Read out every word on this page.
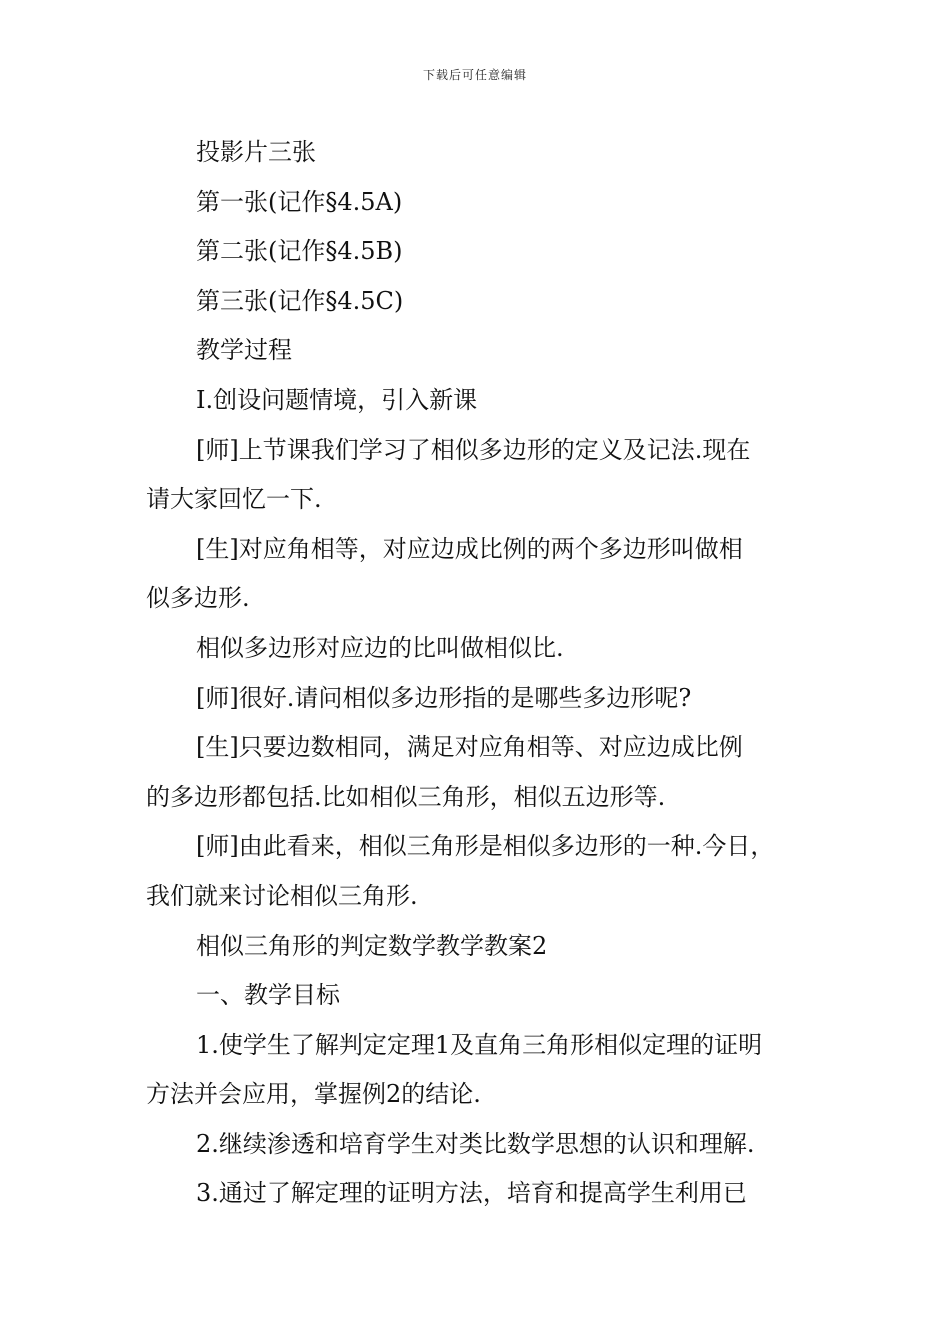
下载后可任意编辑
投影片三张
第一张(记作§4.5A)
第二张(记作§4.5B)
第三张(记作§4.5C)
教学过程
Ⅰ.创设问题情境，引入新课
[师]上节课我们学习了相似多边形的定义及记法.现在
请大家回忆一下.
[生]对应角相等，对应边成比例的两个多边形叫做相
似多边形.
相似多边形对应边的比叫做相似比.
[师]很好.请问相似多边形指的是哪些多边形呢?
[生]只要边数相同，满足对应角相等、对应边成比例
的多边形都包括.比如相似三角形，相似五边形等.
[师]由此看来，相似三角形是相似多边形的一种.今日，
我们就来讨论相似三角形.
相似三角形的判定数学教学教案2
一、教学目标
1.使学生了解判定定理1及直角三角形相似定理的证明
方法并会应用，掌握例2的结论.
2.继续渗透和培育学生对类比数学思想的认识和理解.
3.通过了解定理的证明方法，培育和提高学生利用已
